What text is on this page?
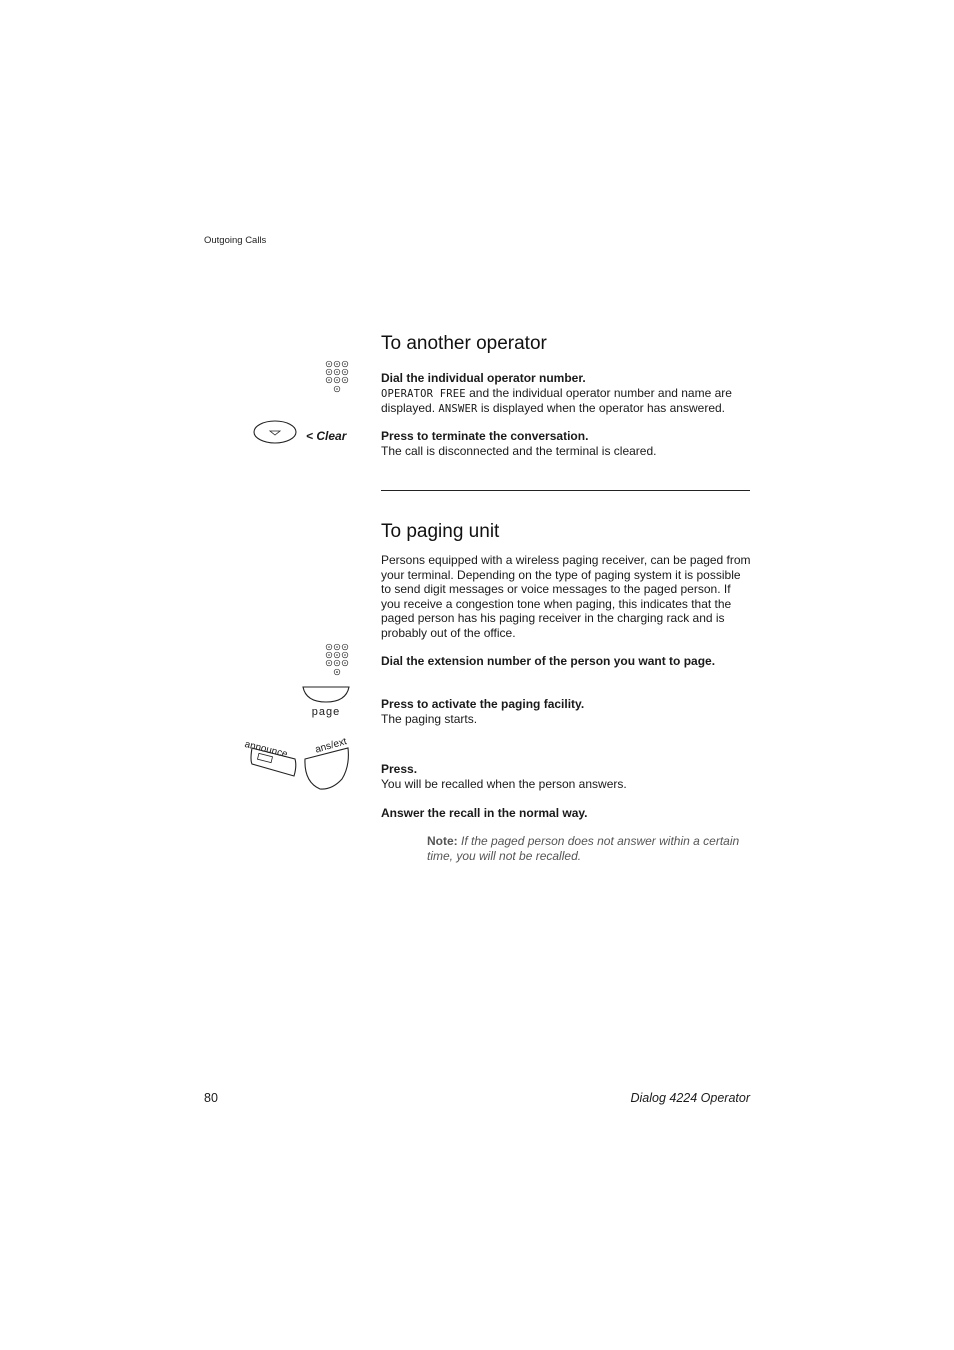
Outgoing Calls
To another operator
Dial the individual operator number.
OPERATOR FREE and the individual operator number and name are displayed. ANSWER is displayed when the operator has answered.
< Clear	Press to terminate the conversation.
The call is disconnected and the terminal is cleared.
To paging unit
Persons equipped with a wireless paging receiver, can be paged from your terminal. Depending on the type of paging system it is possible to send digit messages or voice messages to the paged person. If you receive a congestion tone when paging, this indicates that the paged person has his paging receiver in the charging rack and is probably out of the office.
Dial the extension number of the person you want to page.
page
Press to activate the paging facility.
The paging starts.
announce	ans/ext
Press.
You will be recalled when the person answers.
Answer the recall in the normal way.
Note: If the paged person does not answer within a certain time, you will not be recalled.
80	Dialog 4224 Operator
